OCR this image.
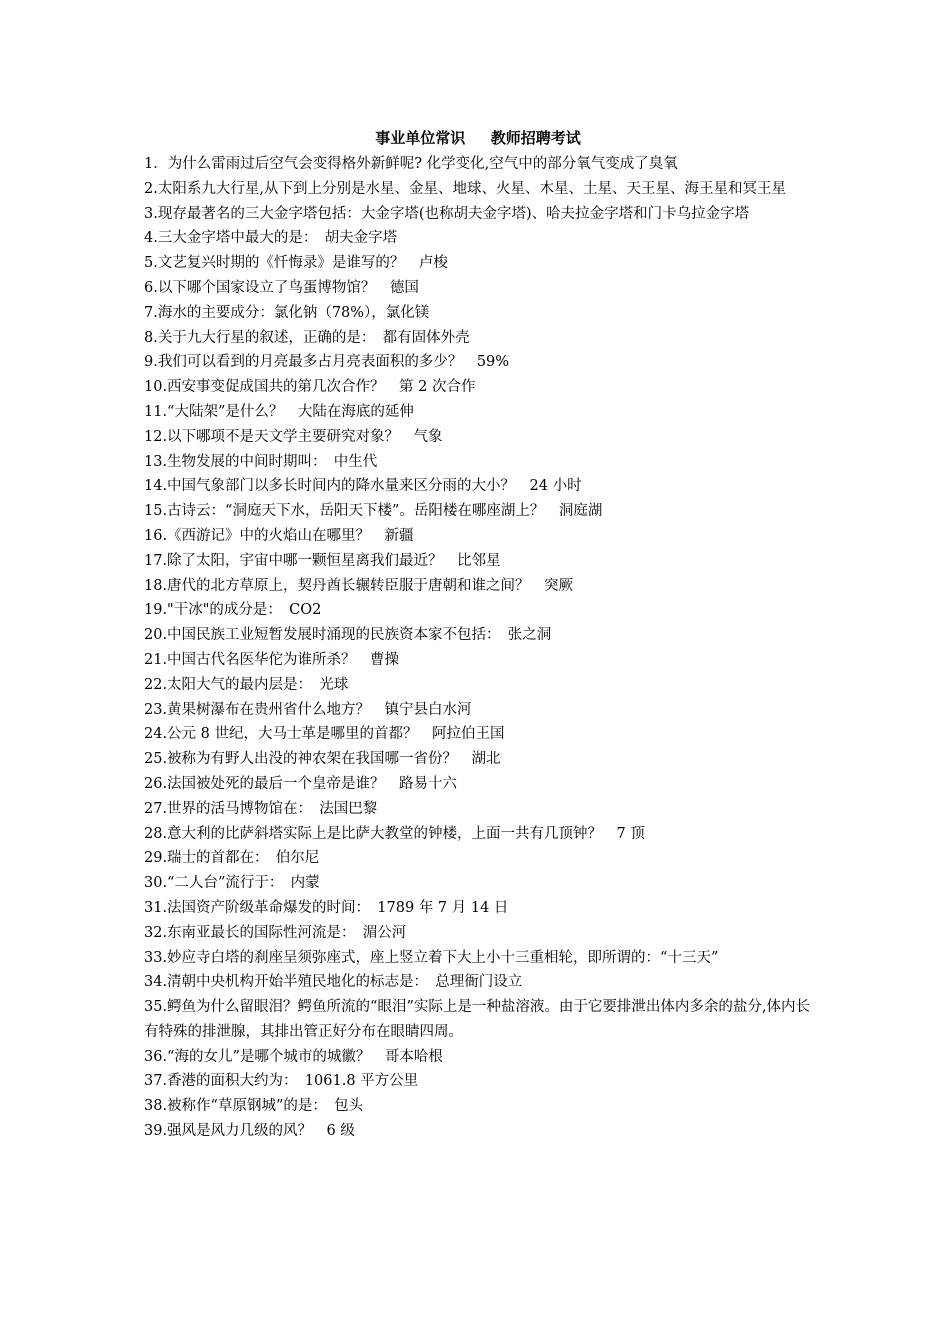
事业单位常识　  教师招聘考试

1．为什么雷雨过后空气会变得格外新鲜呢? 化学变化,空气中的部分氧气变成了臭氧

2.太阳系九大行星,从下到上分别是水星、金星、地球、火星、木星、土星、天王星、海王星和冥王星

3.现存最著名的三大金字塔包括：大金字塔(也称胡夫金字塔)、哈夫拉金字塔和门卡乌拉金字塔

4.三大金字塔中最大的是：　胡夫金字塔

5.文艺复兴时期的《忏悔录》是谁写的？　卢梭

6.以下哪个国家设立了鸟蛋博物馆？　德国

7.海水的主要成分：氯化钠（78%），氯化镁

8.关于九大行星的叙述，正确的是：　都有固体外壳

9.我们可以看到的月亮最多占月亮表面积的多少？　59%

10.西安事变促成国共的第几次合作？　第 2 次合作

11.“大陆架”是什么？　大陆在海底的延伸

12.以下哪项不是天文学主要研究对象？　气象

13.生物发展的中间时期叫：　中生代

14.中国气象部门以多长时间内的降水量来区分雨的大小？　24 小时

15.古诗云：“洞庭天下水，岳阳天下楼”。岳阳楼在哪座湖上？　洞庭湖

16.《西游记》中的火焰山在哪里？　新疆

17.除了太阳，宇宙中哪一颗恒星离我们最近？　比邻星

18.唐代的北方草原上，契丹酋长辗转臣服于唐朝和谁之间？　突厥

19."干冰"的成分是：　CO2

20.中国民族工业短暂发展时涌现的民族资本家不包括：　张之洞

21.中国古代名医华佗为谁所杀？　曹操

22.太阳大气的最内层是：　光球

23.黄果树瀑布在贵州省什么地方？　镇宁县白水河

24.公元 8 世纪，大马士革是哪里的首都？　阿拉伯王国

25.被称为有野人出没的神农架在我国哪一省份？　湖北

26.法国被处死的最后一个皇帝是谁？　路易十六

27.世界的活马博物馆在：　法国巴黎

28.意大利的比萨斜塔实际上是比萨大教堂的钟楼，上面一共有几顶钟？　7 顶

29.瑞士的首都在：　伯尔尼

30.“二人台”流行于：　内蒙

31.法国资产阶级革命爆发的时间：　1789 年 7 月 14 日

32.东南亚最长的国际性河流是：　湄公河

33.妙应寺白塔的刹座呈须弥座式，座上竖立着下大上小十三重相轮，即所谓的：“十三天”

34.清朝中央机构开始半殖民地化的标志是：　总理衙门设立

35.鳄鱼为什么留眼泪？鳄鱼所流的“眼泪”实际上是一种盐溶液。由于它要排泄出体内多余的盐分,体内长有特殊的排泄腺，其排出管正好分布在眼睛四周。

36.“海的女儿”是哪个城市的城徽？　哥本哈根

37.香港的面积大约为：　1061.8 平方公里

38.被称作“草原钢城”的是：　包头

39.强风是风力几级的风？　6 级
